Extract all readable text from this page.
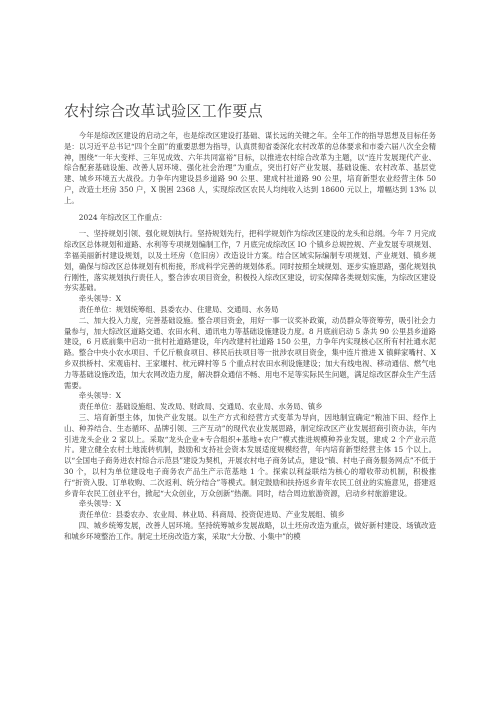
农村综合改革试验区工作要点

今年是综改区建设的启动之年，也是综改区建设打基础、谋长远的关键之年。全年工作的指导思想及目标任务是：以习近平总书记“四个全面”的重要思想为指导，认真贯彻省委深化农村改革的总体要求和市委六届八次全会精神，围绕“一年大变样、三年见成效、六年共同富裕”目标，以推进农村综合改革为主题，以“连片发展现代产业、综合配套基础设施、改善人居环境、强化社会治理”为重点，突出打好产业发展、基础设施、农村改革、基层党建、城乡环境五大战役。力争年内建设县乡道路 90 公里、建成村社道路 90 公里，培育新型农业经营主体 50 户，改造土坯房 350 户，X 脱困 2368 人，实现综改区农民人均纯收入达到 18600 元以上，增幅达到 13% 以上。

2024 年综改区工作重点：

一、坚持规划引领、强化规划执行。坚持规划先行，把科学规划作为综改区建设的龙头和总纲。今年 7 月完成综改区总体规划和道路、水利等专项规划编制工作，7 月底完成综改区 IO 个镇乡总规控规、产业发展专项规划、幸福美丽新村建设规划，以及土坯房（危旧房）改造设计方案。结合区域实际编制专项规划、产业规划、镇乡规划，确保与综改区总体规划有机衔接，形成科学完善的规划体系。同时按照全域规划、逐步实施思路，强化规划执行刚性，落实规划执行责任人，整合涉农项目资金，积极投入综改区建设，切实保障各类规划实施，为综改区建设夯实基础。

牵头领导：X

责任单位：规划统筹组、县委农办、住建局、交通局、水务局

二、加大投入力度，完善基础设施。整合项目资金，用好一事一议奖补政策，动员群众等资筹劳，吸引社会力量参与，加大综改区道路交通、农田水利、通讯电力等基础设施建设力度。8 月底前启动 5 条共 90 公里县乡道路建设，6 月底前集中启动一批村社道路建设，年内改建村社道路 150 公里，力争年内实现核心区所有村社通水泥路。整合中央小农水项目、千亿斤粮食项目、移民后扶项目等一批涉农项目资金，集中连片推进 X 镇鲜家嘴村、X 乡双拱桥村、宋观庙村、王家堰村、枕元碑村等 5 个重点村农田水利设施建设；加大有线电视、移动通信、燃气电力等基础设施改造，加大农网改造力度，解决群众通信不畅、用电不足等实际民生问题，满足综改区群众生产生活需要。

牵头领导：X

责任单位：基础设施组、发改局、财政局、交通局、农业局、水务局、镇乡

三、培育新型主体，加快产业发展。以生产方式和经营方式变革为导向，因地制宜确定“粮油下田、经作上山、种养结合、生态循环、品牌引领、三产互动”的现代农业发展思路，制定综改区产业发展招商引资办法，年内引进龙头企业 2 家以上。采取“龙头企业+专合组织+基地+农户”模式推进规模种养业发展，建成 2 个产业示范片。建立健全农村土地流转机制，鼓励和支持社会资本发展适度规模经营，年内培育新型经营主体 15 个以上。以“全国电子商务进农村综合示范县”建设为契机，开展农村电子商务试点，建设“镇、村电子商务服务网点”不低于 30 个，以村为单位建设电子商务农产品生产示范基地 1 个。探索以利益联结为核心的增收带动机制，积极推行“折资入股、订单收购、二次返利、统分结合”等模式。制定鼓励和扶持返乡青年农民工创业的实施意见，搭建返乡青年农民工创业平台，掀起“大众创业，万众创新”热潮。同时，结合周边旅游资源，启动乡村旅游建设。

牵头领导：X

责任单位：县委农办、农业局、林业局、科商局、投资促进局、产业发展组、镇乡

四、城乡统筹发展，改善人居环境。坚持统筹城乡发展战略，以土坯房改造为重点，做好新村建设、场镇改造和城乡环境整治工作。制定土坯房改造方案，采取“大分散、小集中”的模
